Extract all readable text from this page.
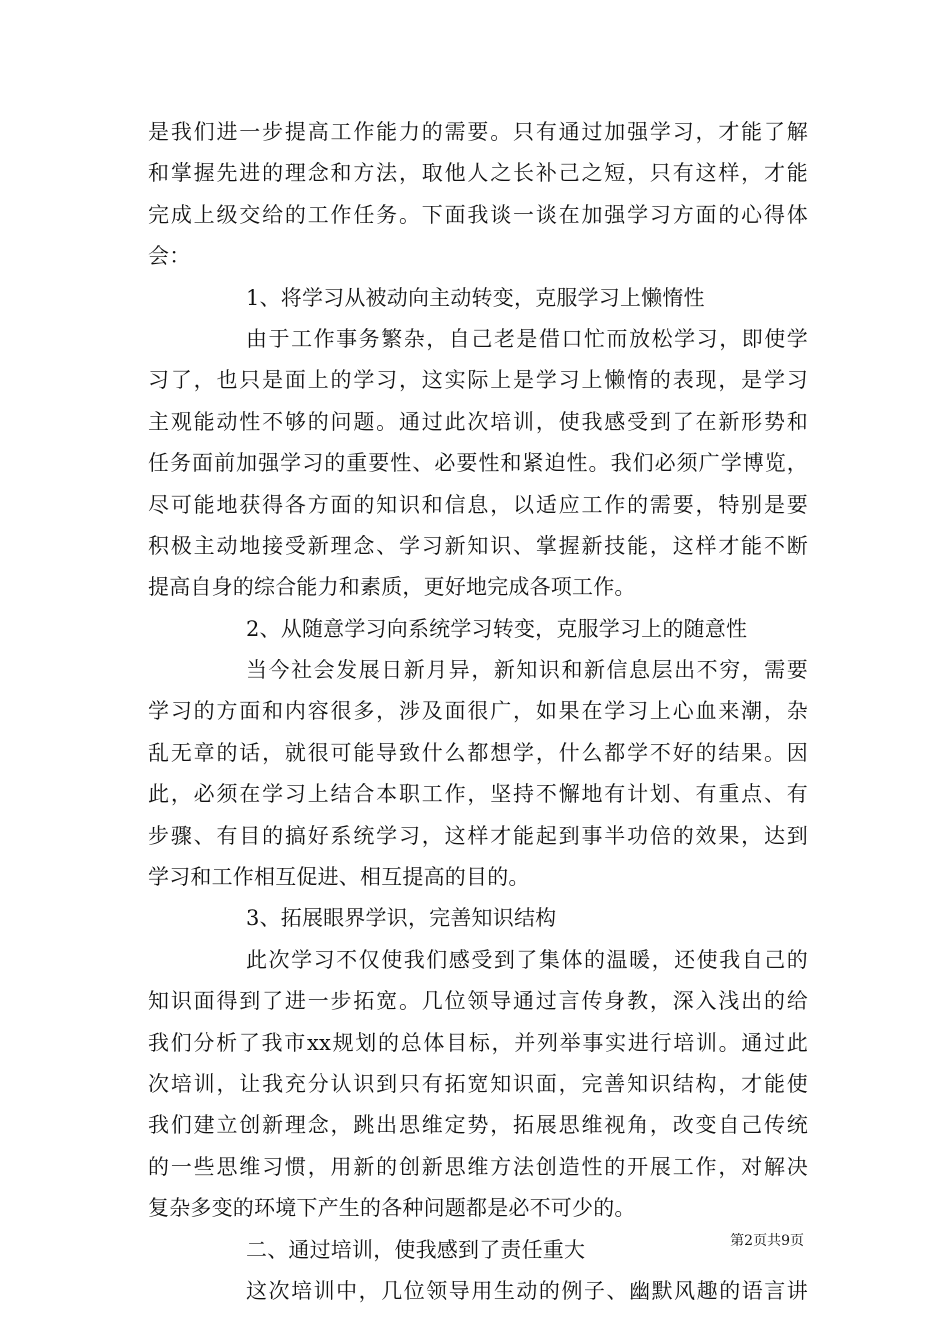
是我们进一步提高工作能力的需要。只有通过加强学习，才能了解
和掌握先进的理念和方法，取他人之长补己之短，只有这样，才能
完成上级交给的工作任务。下面我谈一谈在加强学习方面的心得体
会：
1、将学习从被动向主动转变，克服学习上懒惰性
由于工作事务繁杂，自己老是借口忙而放松学习，即使学
习了，也只是面上的学习，这实际上是学习上懒惰的表现，是学习
主观能动性不够的问题。通过此次培训，使我感受到了在新形势和
任务面前加强学习的重要性、必要性和紧迫性。我们必须广学博览，
尽可能地获得各方面的知识和信息，以适应工作的需要，特别是要
积极主动地接受新理念、学习新知识、掌握新技能，这样才能不断
提高自身的综合能力和素质，更好地完成各项工作。
2、从随意学习向系统学习转变，克服学习上的随意性
当今社会发展日新月异，新知识和新信息层出不穷，需要
学习的方面和内容很多，涉及面很广，如果在学习上心血来潮，杂
乱无章的话，就很可能导致什么都想学，什么都学不好的结果。因
此，必须在学习上结合本职工作，坚持不懈地有计划、有重点、有
步骤、有目的搞好系统学习，这样才能起到事半功倍的效果，达到
学习和工作相互促进、相互提高的目的。
3、拓展眼界学识，完善知识结构
此次学习不仅使我们感受到了集体的温暖，还使我自己的
知识面得到了进一步拓宽。几位领导通过言传身教，深入浅出的给
我们分析了我市xx规划的总体目标，并列举事实进行培训。通过此
次培训，让我充分认识到只有拓宽知识面，完善知识结构，才能使
我们建立创新理念，跳出思维定势，拓展思维视角，改变自己传统
的一些思维习惯，用新的创新思维方法创造性的开展工作，对解决
复杂多变的环境下产生的各种问题都是必不可少的。
二、通过培训，使我感到了责任重大
这次培训中，几位领导用生动的例子、幽默风趣的语言讲
第2页共9页
